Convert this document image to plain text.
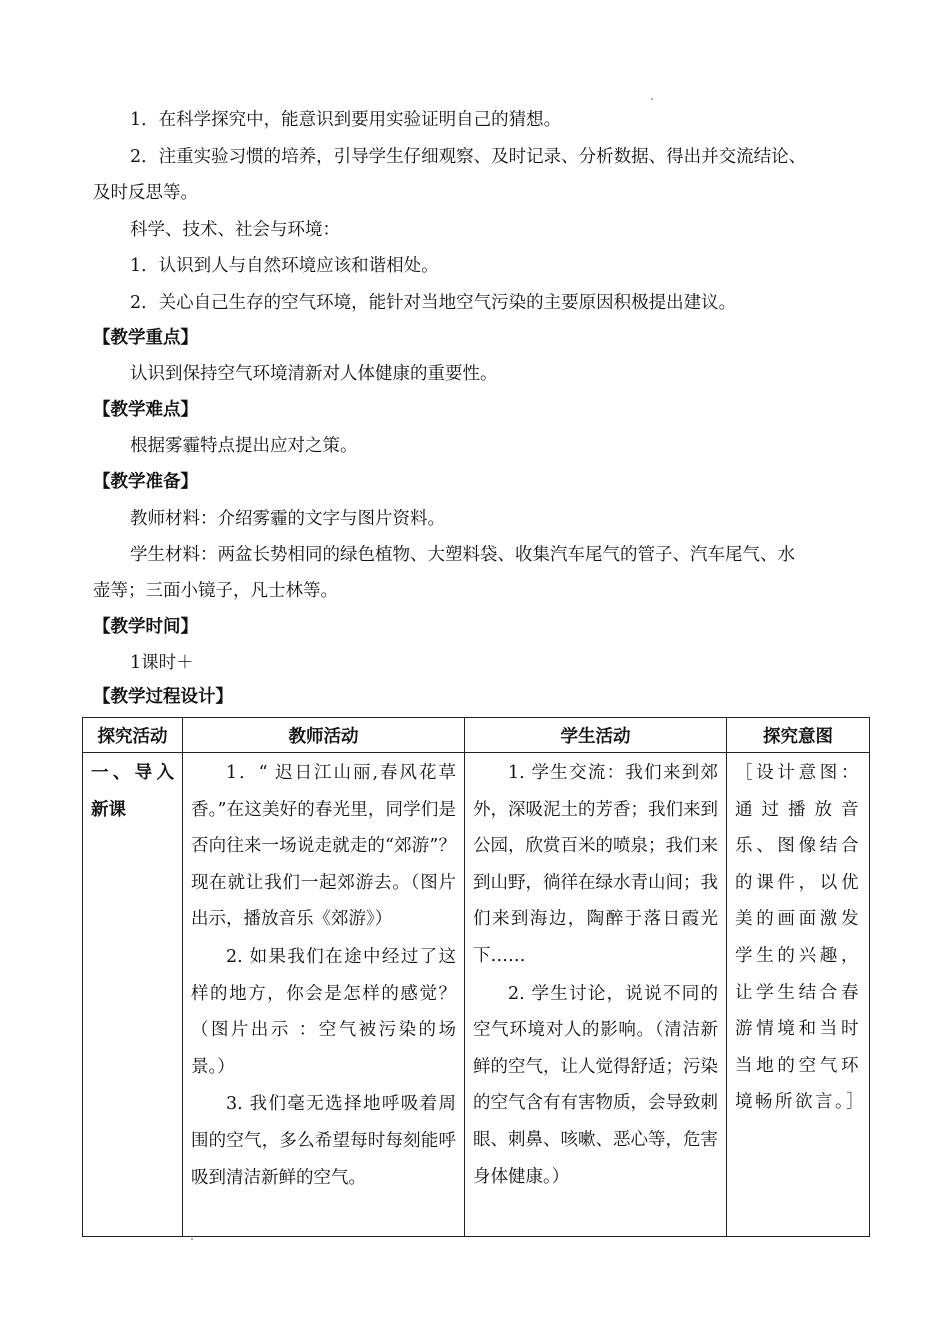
1．在科学探究中，能意识到要用实验证明自己的猜想。
2．注重实验习惯的培养，引导学生仔细观察、及时记录、分析数据、得出并交流结论、
及时反思等。
科学、技术、社会与环境：
1．认识到人与自然环境应该和谐相处。
2．关心自己生存的空气环境，能针对当地空气污染的主要原因积极提出建议。
【教学重点】
认识到保持空气环境清新对人体健康的重要性。
【教学难点】
根据雾霾特点提出应对之策。
【教学准备】
教师材料：介绍雾霾的文字与图片资料。
学生材料：两盆长势相同的绿色植物、大塑料袋、收集汽车尾气的管子、汽车尾气、水
壶等；三面小镜子，凡士林等。
【教学时间】
1课时＋
【教学过程设计】
探究活动	教师活动	学生活动	探究意图
一、导入新课	1．“ 迟日江山丽,春风花草香。”在这美好的春光里，同学们是否向往来一场说走就走的“郊游”？现在就让我们一起郊游去。（图片出示，播放音乐《郊游》）
2. 如果我们在途中经过了这样的地方，你会是怎样的感觉？（图片出示 ：空气被污染的场景。）
3. 我们毫无选择地呼吸着周围的空气，多么希望每时每刻能呼吸到清洁新鲜的空气。	1. 学生交流：我们来到郊外，深吸泥土的芳香；我们来到公园，欣赏百米的喷泉；我们来到山野，徜徉在绿水青山间；我们来到海边，陶醉于落日霞光下……
2. 学生讨论，说说不同的空气环境对人的影响。（清洁新鲜的空气，让人觉得舒适；污染的空气含有有害物质，会导致刺眼、刺鼻、咳嗽、恶心等，危害身体健康。）	［设计意图：通过播放音乐、图像结合的课件，以优美的画面激发学生的兴趣，让学生结合春游情境和当时当地的空气环境畅所欲言。］
